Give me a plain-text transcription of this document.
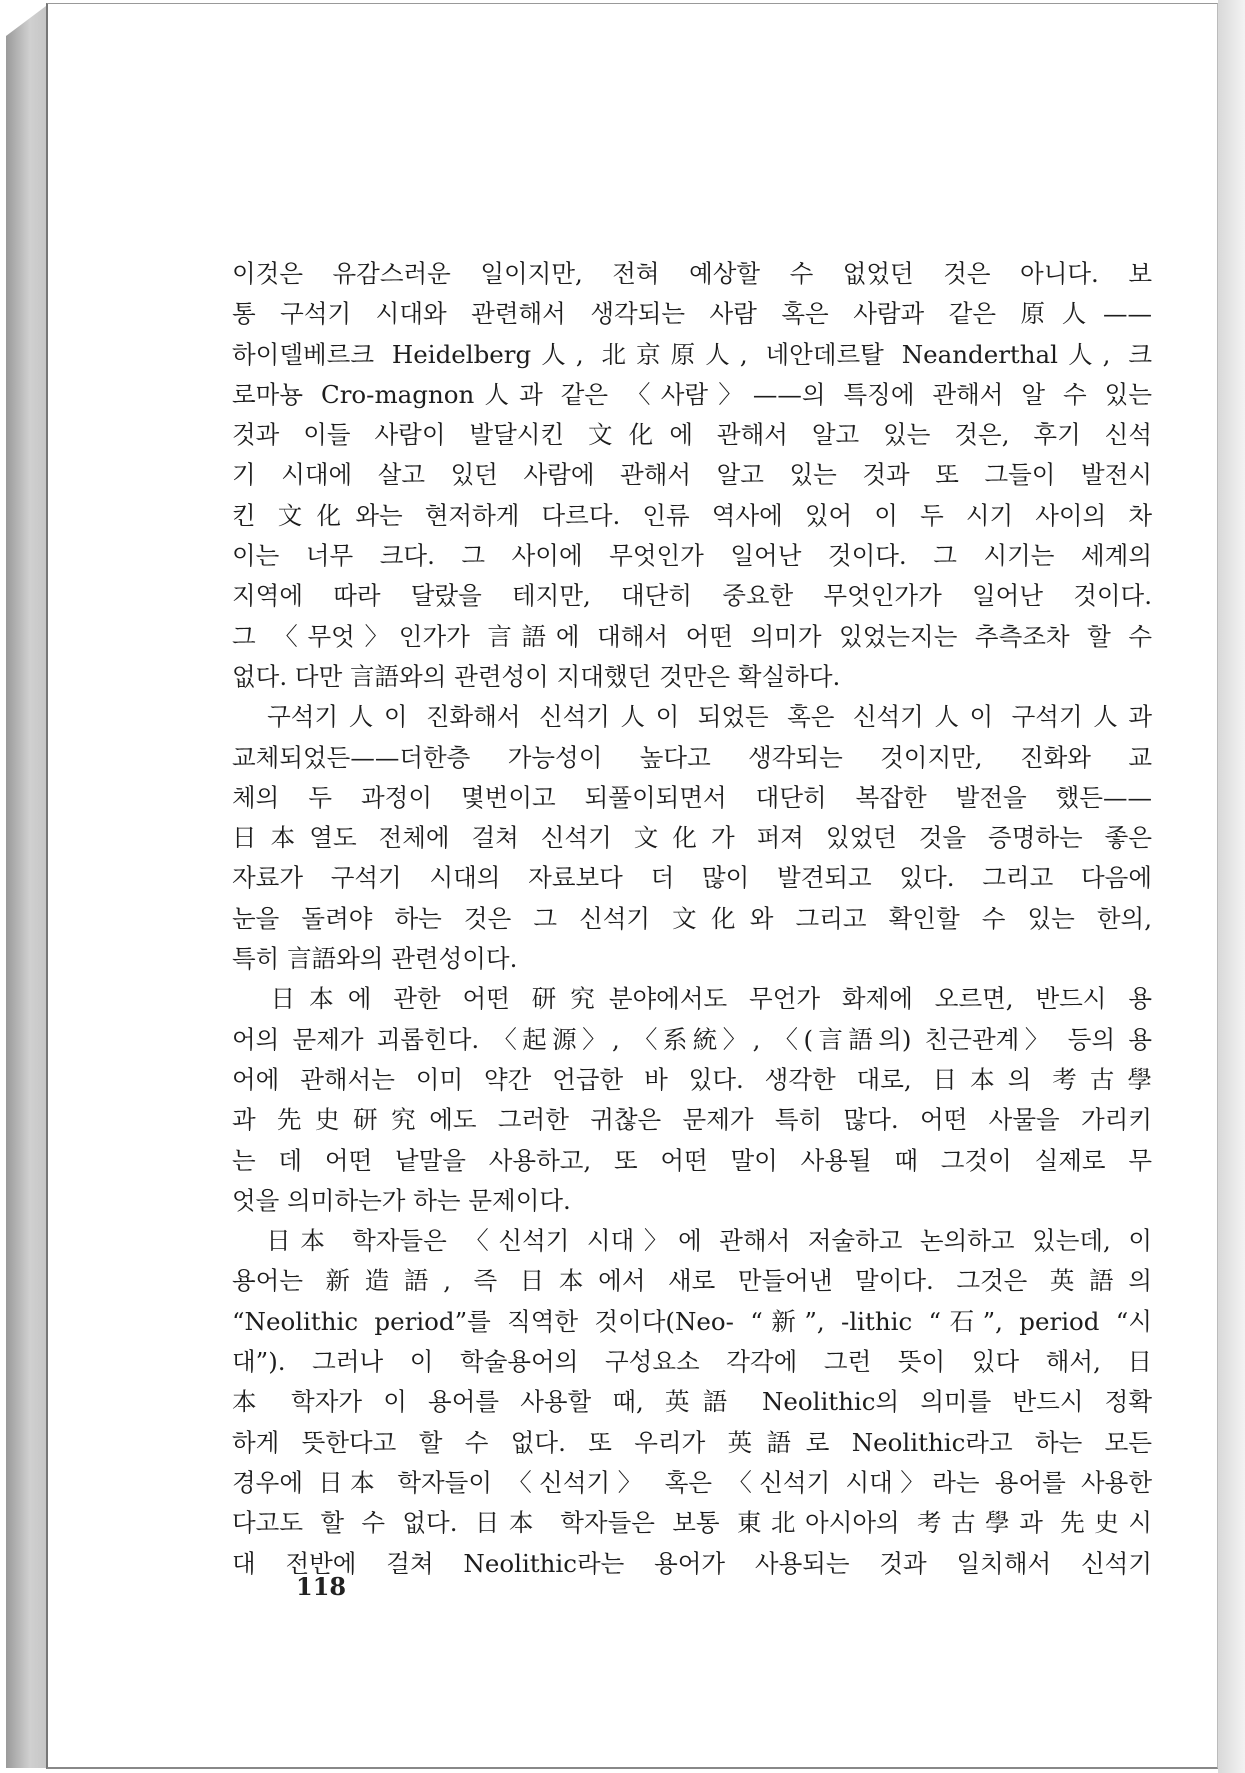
이것은 유감스러운 일이지만, 전혀 예상할 수 없었던 것은 아니다. 보
통 구석기 시대와 관련해서 생각되는 사람 혹은 사람과 같은 原人——
하이델베르크 Heidelberg人, 北京原人, 네안데르탈 Neanderthal人, 크
로마뇽 Cro-magnon人과 같은 〈사람〉——의 특징에 관해서 알 수 있는
것과 이들 사람이 발달시킨 文化에 관해서 알고 있는 것은, 후기 신석
기 시대에 살고 있던 사람에 관해서 알고 있는 것과 또 그들이 발전시
킨 文化와는 현저하게 다르다. 인류 역사에 있어 이 두 시기 사이의 차
이는 너무 크다. 그 사이에 무엇인가 일어난 것이다. 그 시기는 세계의
지역에 따라 달랐을 테지만, 대단히 중요한 무엇인가가 일어난 것이다.
그 〈무엇〉인가가 言語에 대해서 어떤 의미가 있었는지는 추측조차 할 수
없다. 다만 言語와의 관련성이 지대했던 것만은 확실하다.
　구석기人이 진화해서 신석기人이 되었든 혹은 신석기人이 구석기人과
교체되었든——더한층 가능성이 높다고 생각되는 것이지만, 진화와 교
체의 두 과정이 몇번이고 되풀이되면서 대단히 복잡한 발전을 했든——
日本열도 전체에 걸쳐 신석기 文化가 퍼져 있었던 것을 증명하는 좋은
자료가 구석기 시대의 자료보다 더 많이 발견되고 있다. 그리고 다음에
눈을 돌려야 하는 것은 그 신석기 文化와 그리고 확인할 수 있는 한의,
특히 言語와의 관련성이다.
　日本에 관한 어떤 研究분야에서도 무언가 화제에 오르면, 반드시 용
어의 문제가 괴롭힌다. 〈起源〉, 〈系統〉, 〈(言語의) 친근관계〉 등의 용
어에 관해서는 이미 약간 언급한 바 있다. 생각한 대로, 日本의 考古學
과 先史研究에도 그러한 귀찮은 문제가 특히 많다. 어떤 사물을 가리키
는 데 어떤 낱말을 사용하고, 또 어떤 말이 사용될 때 그것이 실제로 무
엇을 의미하는가 하는 문제이다.
　日本 학자들은 〈신석기 시대〉에 관해서 저술하고 논의하고 있는데, 이
용어는 新造語, 즉 日本에서 새로 만들어낸 말이다. 그것은 英語의
“Neolithic period”를 직역한 것이다(Neo- “新”, -lithic “石”, period “시
대”). 그러나 이 학술용어의 구성요소 각각에 그런 뜻이 있다 해서, 日
本 학자가 이 용어를 사용할 때, 英語 Neolithic의 의미를 반드시 정확
하게 뜻한다고 할 수 없다. 또 우리가 英語로 Neolithic라고 하는 모든
경우에 日本 학자들이 〈신석기〉 혹은 〈신석기 시대〉라는 용어를 사용한
다고도 할 수 없다. 日本 학자들은 보통 東北아시아의 考古學과 先史시
대 전반에 걸쳐 Neolithic라는 용어가 사용되는 것과 일치해서 신석기
118
